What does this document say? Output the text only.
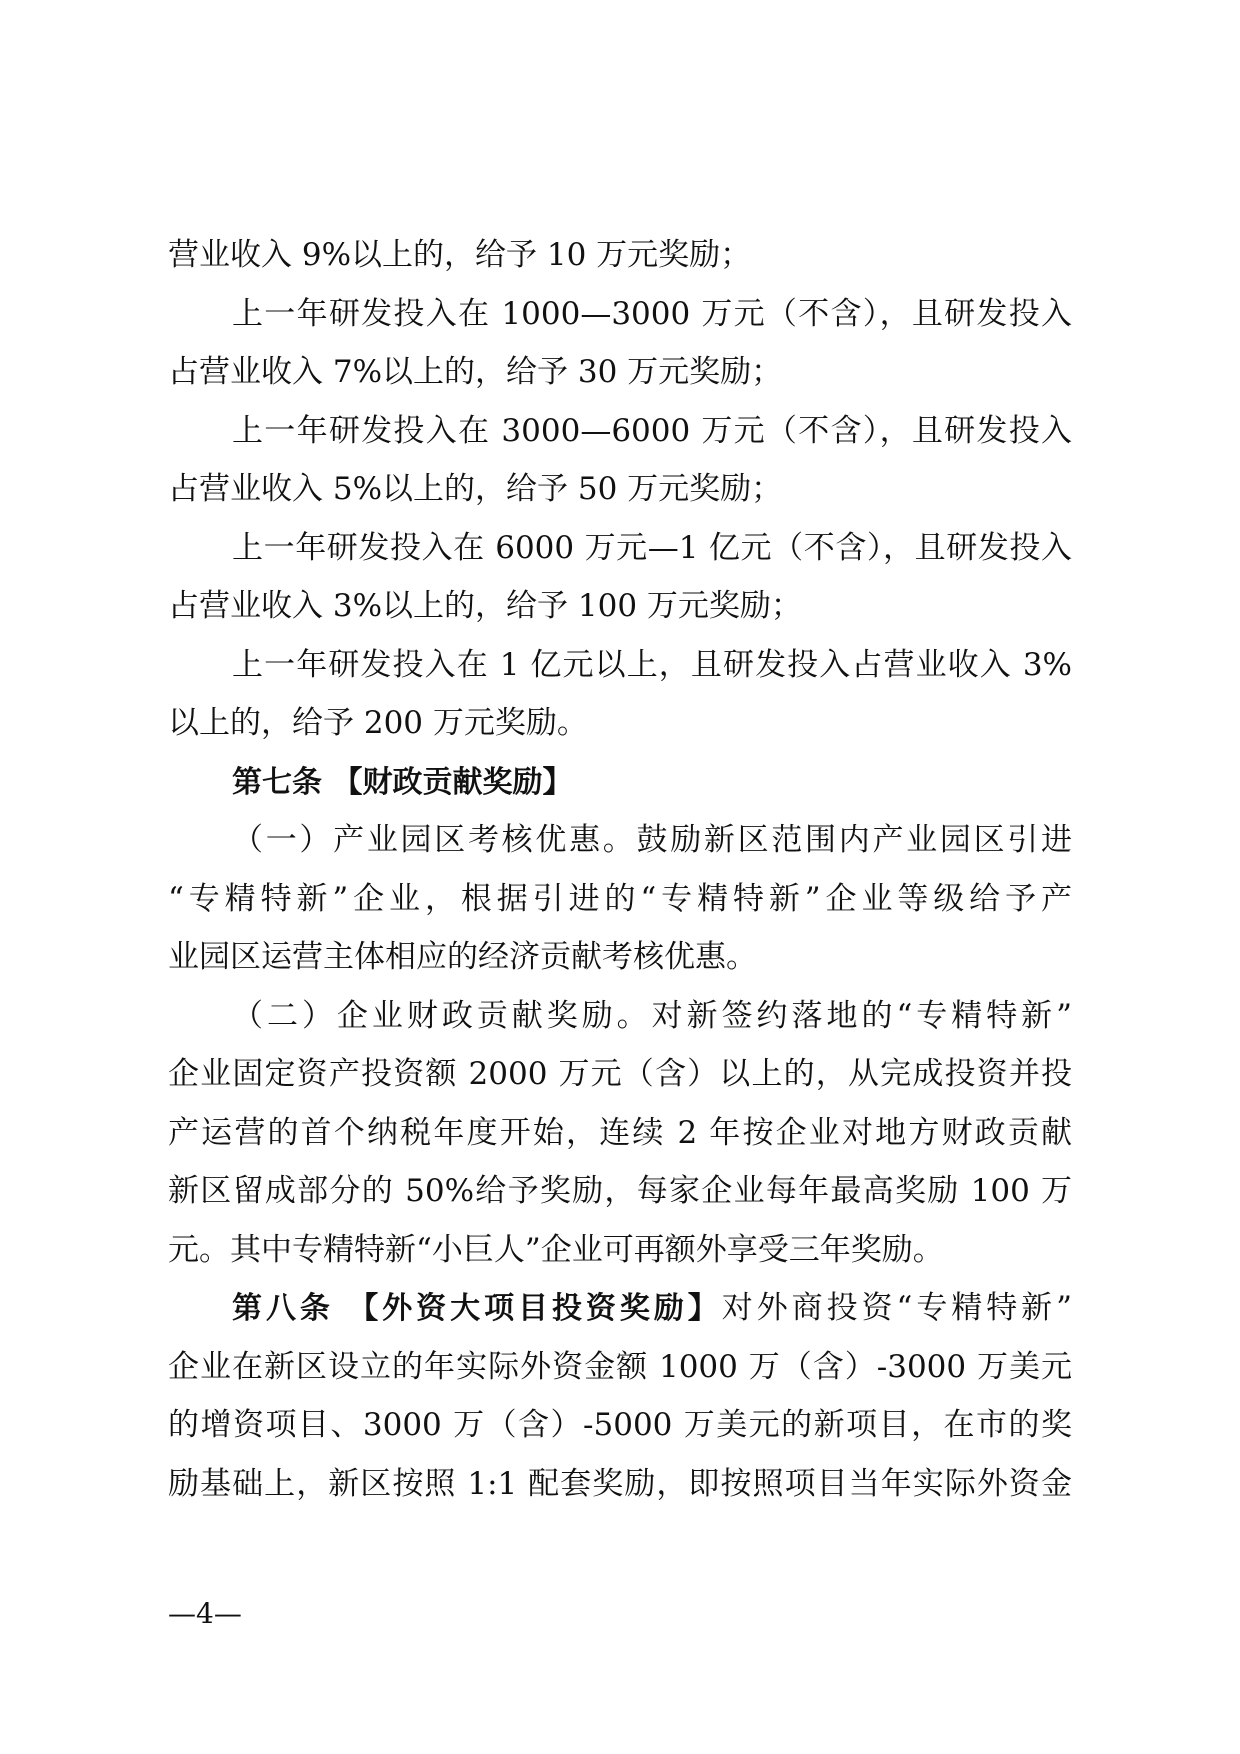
营业收入 9%以上的，给予 10 万元奖励；
上一年研发投入在 1000—3000 万元（不含），且研发投入
占营业收入 7%以上的，给予 30 万元奖励；
上一年研发投入在 3000—6000 万元（不含），且研发投入
占营业收入 5%以上的，给予 50 万元奖励；
上一年研发投入在 6000 万元—1 亿元（不含），且研发投入
占营业收入 3%以上的，给予 100 万元奖励；
上一年研发投入在 1 亿元以上，且研发投入占营业收入 3%
以上的，给予 200 万元奖励。
第七条 【财政贡献奖励】
（一）产业园区考核优惠。鼓励新区范围内产业园区引进
“专精特新”企业，根据引进的“专精特新”企业等级给予产
业园区运营主体相应的经济贡献考核优惠。
（二）企业财政贡献奖励。对新签约落地的“专精特新”
企业固定资产投资额 2000 万元（含）以上的，从完成投资并投
产运营的首个纳税年度开始，连续 2 年按企业对地方财政贡献
新区留成部分的 50%给予奖励，每家企业每年最高奖励 100 万
元。其中专精特新“小巨人”企业可再额外享受三年奖励。
第八条 【外资大项目投资奖励】对外商投资“专精特新”
企业在新区设立的年实际外资金额 1000 万（含）-3000 万美元
的增资项目、3000 万（含）-5000 万美元的新项目，在市的奖
励基础上，新区按照 1:1 配套奖励，即按照项目当年实际外资金
—4—
